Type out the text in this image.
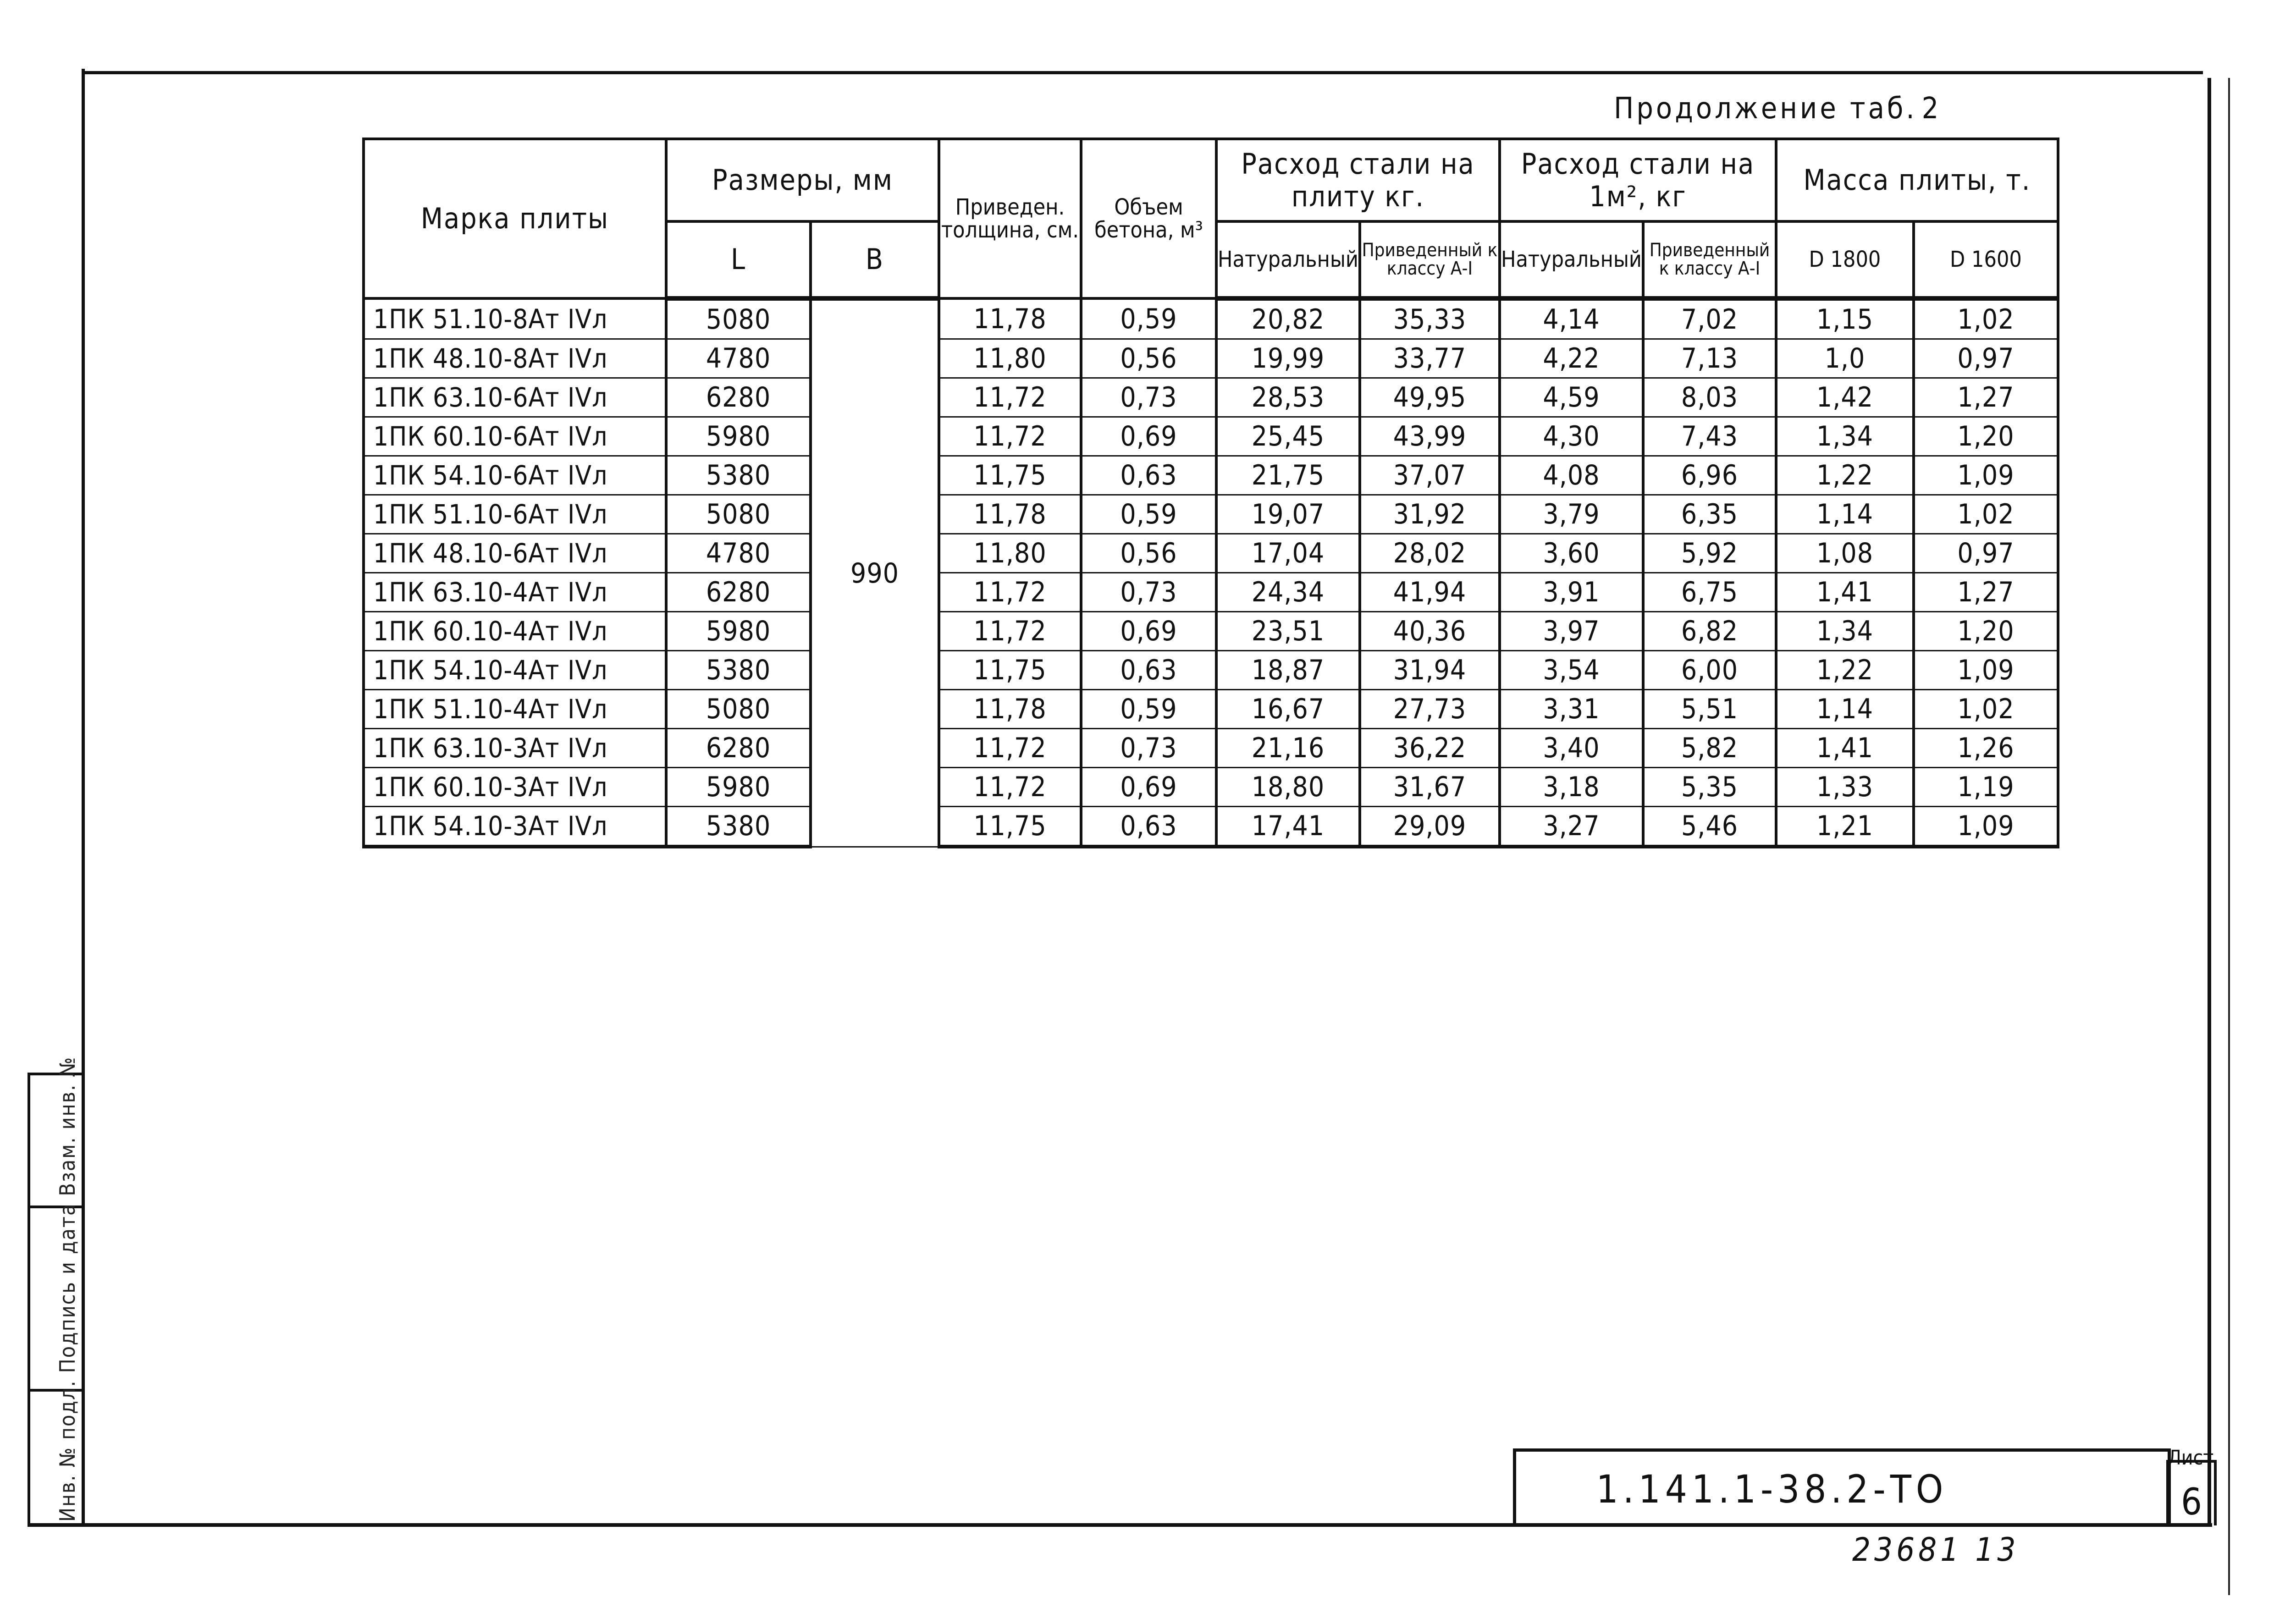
Инв. № подл. Подпись и дата Взам. инв. №
Продолжение таб. 2
Марка плиты	Размеры, мм		Приведен. толщина, см.	Объем бетона, м³	Расход стали на плиту кг.		Расход стали на 1м², кг		Масса плиты, т.	
	L	B			Натуральный	Приведенный к классу А-I	Натуральный	Приведенный к классу А-I	D 1800	D 1600
1ПК 51.10-8Ат IVл	5080	990	11,78	0,59	20,82	35,33	4,14	7,02	1,15	1,02
1ПК 48.10-8Ат IVл	4780		11,80	0,56	19,99	33,77	4,22	7,13	1,0	0,97
1ПК 63.10-6Ат IVл	6280		11,72	0,73	28,53	49,95	4,59	8,03	1,42	1,27
1ПК 60.10-6Ат IVл	5980		11,72	0,69	25,45	43,99	4,30	7,43	1,34	1,20
1ПК 54.10-6Ат IVл	5380		11,75	0,63	21,75	37,07	4,08	6,96	1,22	1,09
1ПК 51.10-6Ат IVл	5080		11,78	0,59	19,07	31,92	3,79	6,35	1,14	1,02
1ПК 48.10-6Ат IVл	4780		11,80	0,56	17,04	28,02	3,60	5,92	1,08	0,97
1ПК 63.10-4Ат IVл	6280		11,72	0,73	24,34	41,94	3,91	6,75	1,41	1,27
1ПК 60.10-4Ат IVл	5980		11,72	0,69	23,51	40,36	3,97	6,82	1,34	1,20
1ПК 54.10-4Ат IVл	5380		11,75	0,63	18,87	31,94	3,54	6,00	1,22	1,09
1ПК 51.10-4Ат IVл	5080		11,78	0,59	16,67	27,73	3,31	5,51	1,14	1,02
1ПК 63.10-3Ат IVл	6280		11,72	0,73	21,16	36,22	3,40	5,82	1,41	1,26
1ПК 60.10-3Ат IVл	5980		11,72	0,69	18,80	31,67	3,18	5,35	1,33	1,19
1ПК 54.10-3Ат IVл	5380		11,75	0,63	17,41	29,09	3,27	5,46	1,21	1,09
1.141.1-38.2-ТО
Лист
6
23681 13
